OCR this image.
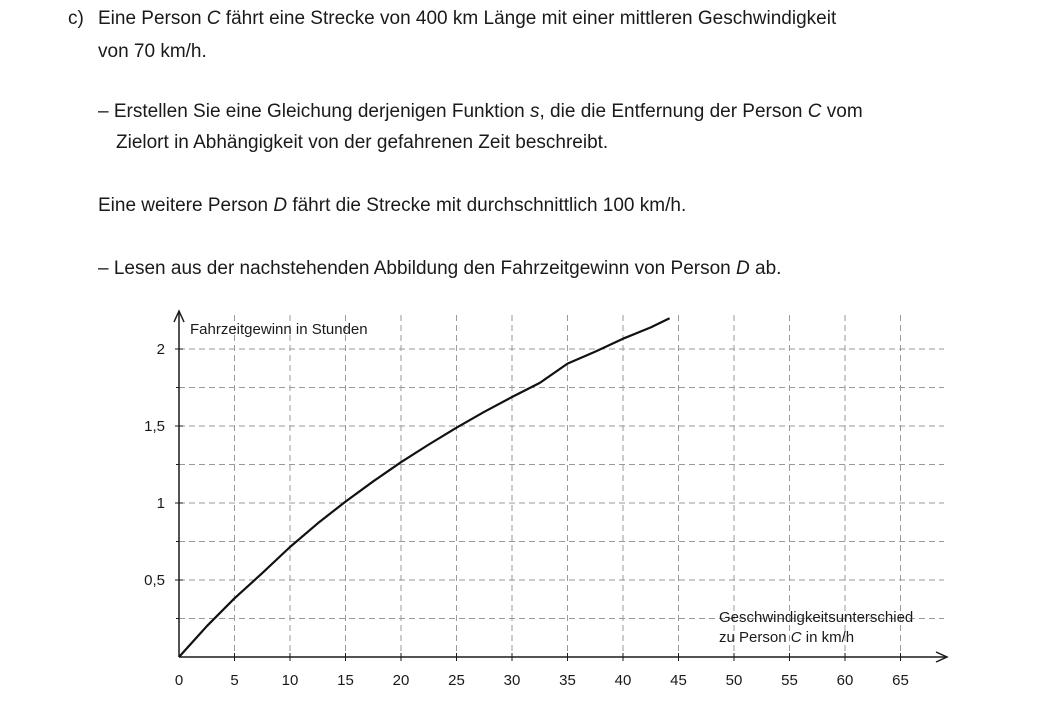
c) Eine Person C fährt eine Strecke von 400 km Länge mit einer mittleren Geschwindigkeit
von 70 km/h.
– Erstellen Sie eine Gleichung derjenigen Funktion s, die die Entfernung der Person C vom
Zielort in Abhängigkeit von der gefahrenen Zeit beschreibt.
Eine weitere Person D fährt die Strecke mit durchschnittlich 100 km/h.
– Lesen aus der nachstehenden Abbildung den Fahrzeitgewinn von Person D ab.
0	5	10	15	20	25	30	35	40	45	50	55	60	65
0,5
1
1,5
2
Fahrzeitgewinn in Stunden
Geschwindigkeitsunterschied
zu Person C in km/h
